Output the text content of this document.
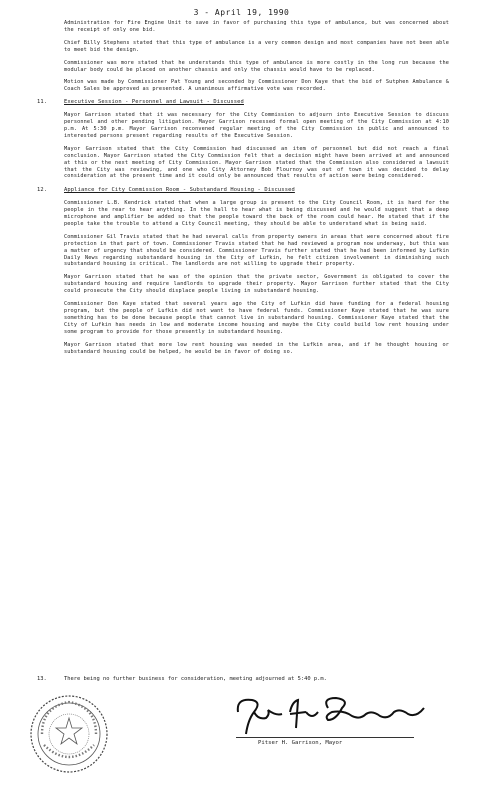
3 - April 19, 1990

Administration for Fire Engine Unit to save in favor of purchasing this type of ambulance, but was concerned about the receipt of only one bid.

Chief Billy Stephens stated that this type of ambulance is a very common design and most companies have not been able to meet bid the design.

Commissioner was more stated that he understands this type of ambulance is more costly in the long run because the modular body could be placed on another chassis and only the chassis would have to be replaced.

Motion was made by Commissioner Pat Young and seconded by Commissioner Don Kaye that the bid of Sutphen Ambulance & Coach Sales be approved as presented. A unanimous affirmative vote was recorded.

11.	Executive Session - Personnel and Lawsuit - Discussed

Mayor Garrison stated that it was necessary for the City Commission to adjourn into Executive Session to discuss personnel and other pending litigation. Mayor Garrison recessed formal open meeting of the City Commission at 4:10 p.m. At 5:30 p.m. Mayor Garrison reconvened regular meeting of the City Commission in public and announced to interested persons present regarding results of the Executive Session.

Mayor Garrison stated that the City Commission had discussed an item of personnel but did not reach a final conclusion. Mayor Garrison stated the City Commission felt that a decision might have been arrived at and announced at this or the next meeting of City Commission. Mayor Garrison stated that the Commission also considered a lawsuit that the City was reviewing, and one who City Attorney Bob Flournoy was out of town it was decided to delay consideration at the present time and it could only be announced that results of action were being considered.

12.	Appliance for City Commission Room - Substandard Housing - Discussed

Commissioner L.B. Kendrick stated that when a large group is present to the City Council Room, it is hard for the people in the rear to hear anything. In the hall to hear what is being discussed and he would suggest that a deep microphone and amplifier be added so that the people toward the back of the room could hear. He stated that if the people take the trouble to attend a City Council meeting, they should be able to understand what is being said.

Commissioner Gil Travis stated that he had several calls from property owners in areas that were concerned about fire protection in that part of town. Commissioner Travis stated that he had reviewed a program now underway, but this was a matter of urgency that should be considered. Commissioner Travis further stated that he had been informed by Lufkin Daily News regarding substandard housing in the City of Lufkin, he felt citizen involvement in diminishing such substandard housing is critical. The landlords are not willing to upgrade their property.

Mayor Garrison stated that he was of the opinion that the private sector, Government is obligated to cover the substandard housing and require landlords to upgrade their property. Mayor Garrison further stated that the City could prosecute the City should displace people living in substandard housing.

Commissioner Don Kaye stated that several years ago the City of Lufkin did have funding for a federal housing program, but the people of Lufkin did not want to have federal funds. Commissioner Kaye stated that he was sure something has to be done because people that cannot live in substandard housing. Commissioner Kaye stated that the City of Lufkin has needs in low and moderate income housing and maybe the City could build low rent housing under some program to provide for those presently in substandard housing.

Mayor Garrison stated that more low rent housing was needed in the Lufkin area, and if he thought housing or substandard housing could be helped, he would be in favor of doing so.

13.	There being no further business for consideration, meeting adjourned at 5:40 p.m.
Pitser H. Garrison, Mayor
